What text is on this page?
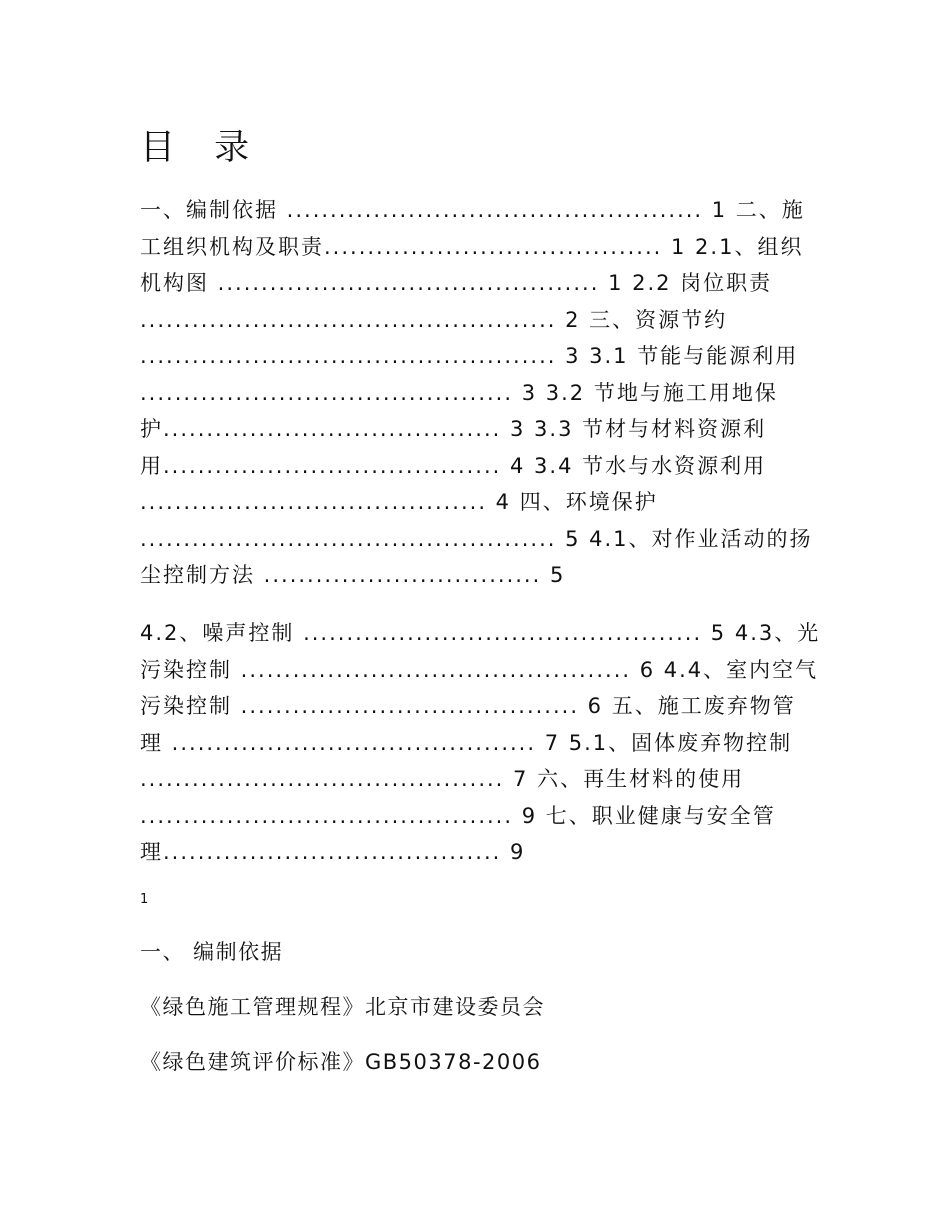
目 录
一、编制依据 ................................................ 1 二、施
工组织机构及职责....................................... 1 2.1、组织
机构图 ............................................ 1 2.2 岗位职责
................................................ 2 三、资源节约
................................................ 3 3.1 节能与能源利用
........................................... 3 3.2 节地与施工用地保
护....................................... 3 3.3 节材与材料资源利
用....................................... 4 3.4 节水与水资源利用
........................................ 4 四、环境保护
................................................ 5 4.1、对作业活动的扬
尘控制方法 ................................ 5
4.2、噪声控制 .............................................. 5 4.3、光
污染控制 ............................................. 6 4.4、室内空气
污染控制 ....................................... 6 五、施工废弃物管
理 .......................................... 7 5.1、固体废弃物控制
.......................................... 7 六、再生材料的使用
........................................... 9 七、职业健康与安全管
理....................................... 9
1
一、 编制依据
《绿色施工管理规程》北京市建设委员会
《绿色建筑评价标准》GB50378-2006
